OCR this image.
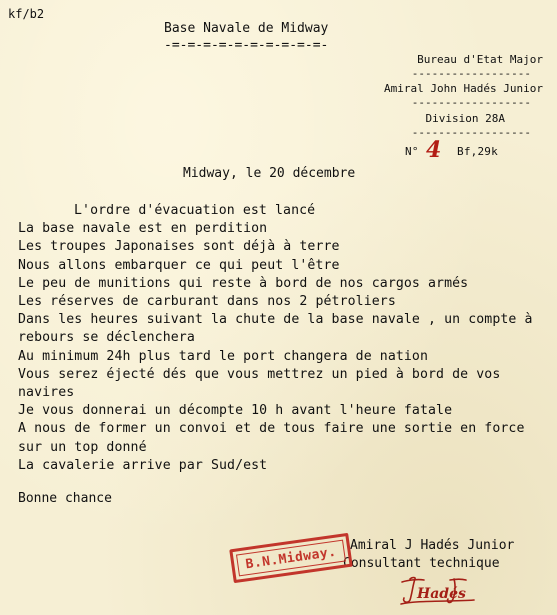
kf/b2
Base Navale de Midway
-=-=-=-=-=-=-=-=-=-=-
Bureau d'Etat Major
------------------
Amiral John Hadés Junior
------------------
Division 28A
------------------
N° 4 Bf,29k
Midway, le 20 décembre

L'ordre d'évacuation est lancé

La base navale est en perdition

Les troupes Japonaises sont déjà à terre

Nous allons embarquer ce qui peut l'être

Le peu de munitions qui reste à bord de nos cargos armés

Les réserves de carburant dans nos 2 pétroliers

Dans les heures suivant la chute de la base navale , un compte à rebours se déclenchera

Au minimum 24h plus tard le port changera de nation

Vous serez éjecté dés que vous mettrez un pied à bord de vos navires

Je vous donnerai un décompte 10 h avant l'heure fatale

A nous de former un convoi et de tous faire une sortie en force sur un top donné

La cavalerie arrive par Sud/est

Bonne chance
Amiral J Hadés Junior
Consultant technique
B.N.Midway.
Hadés
